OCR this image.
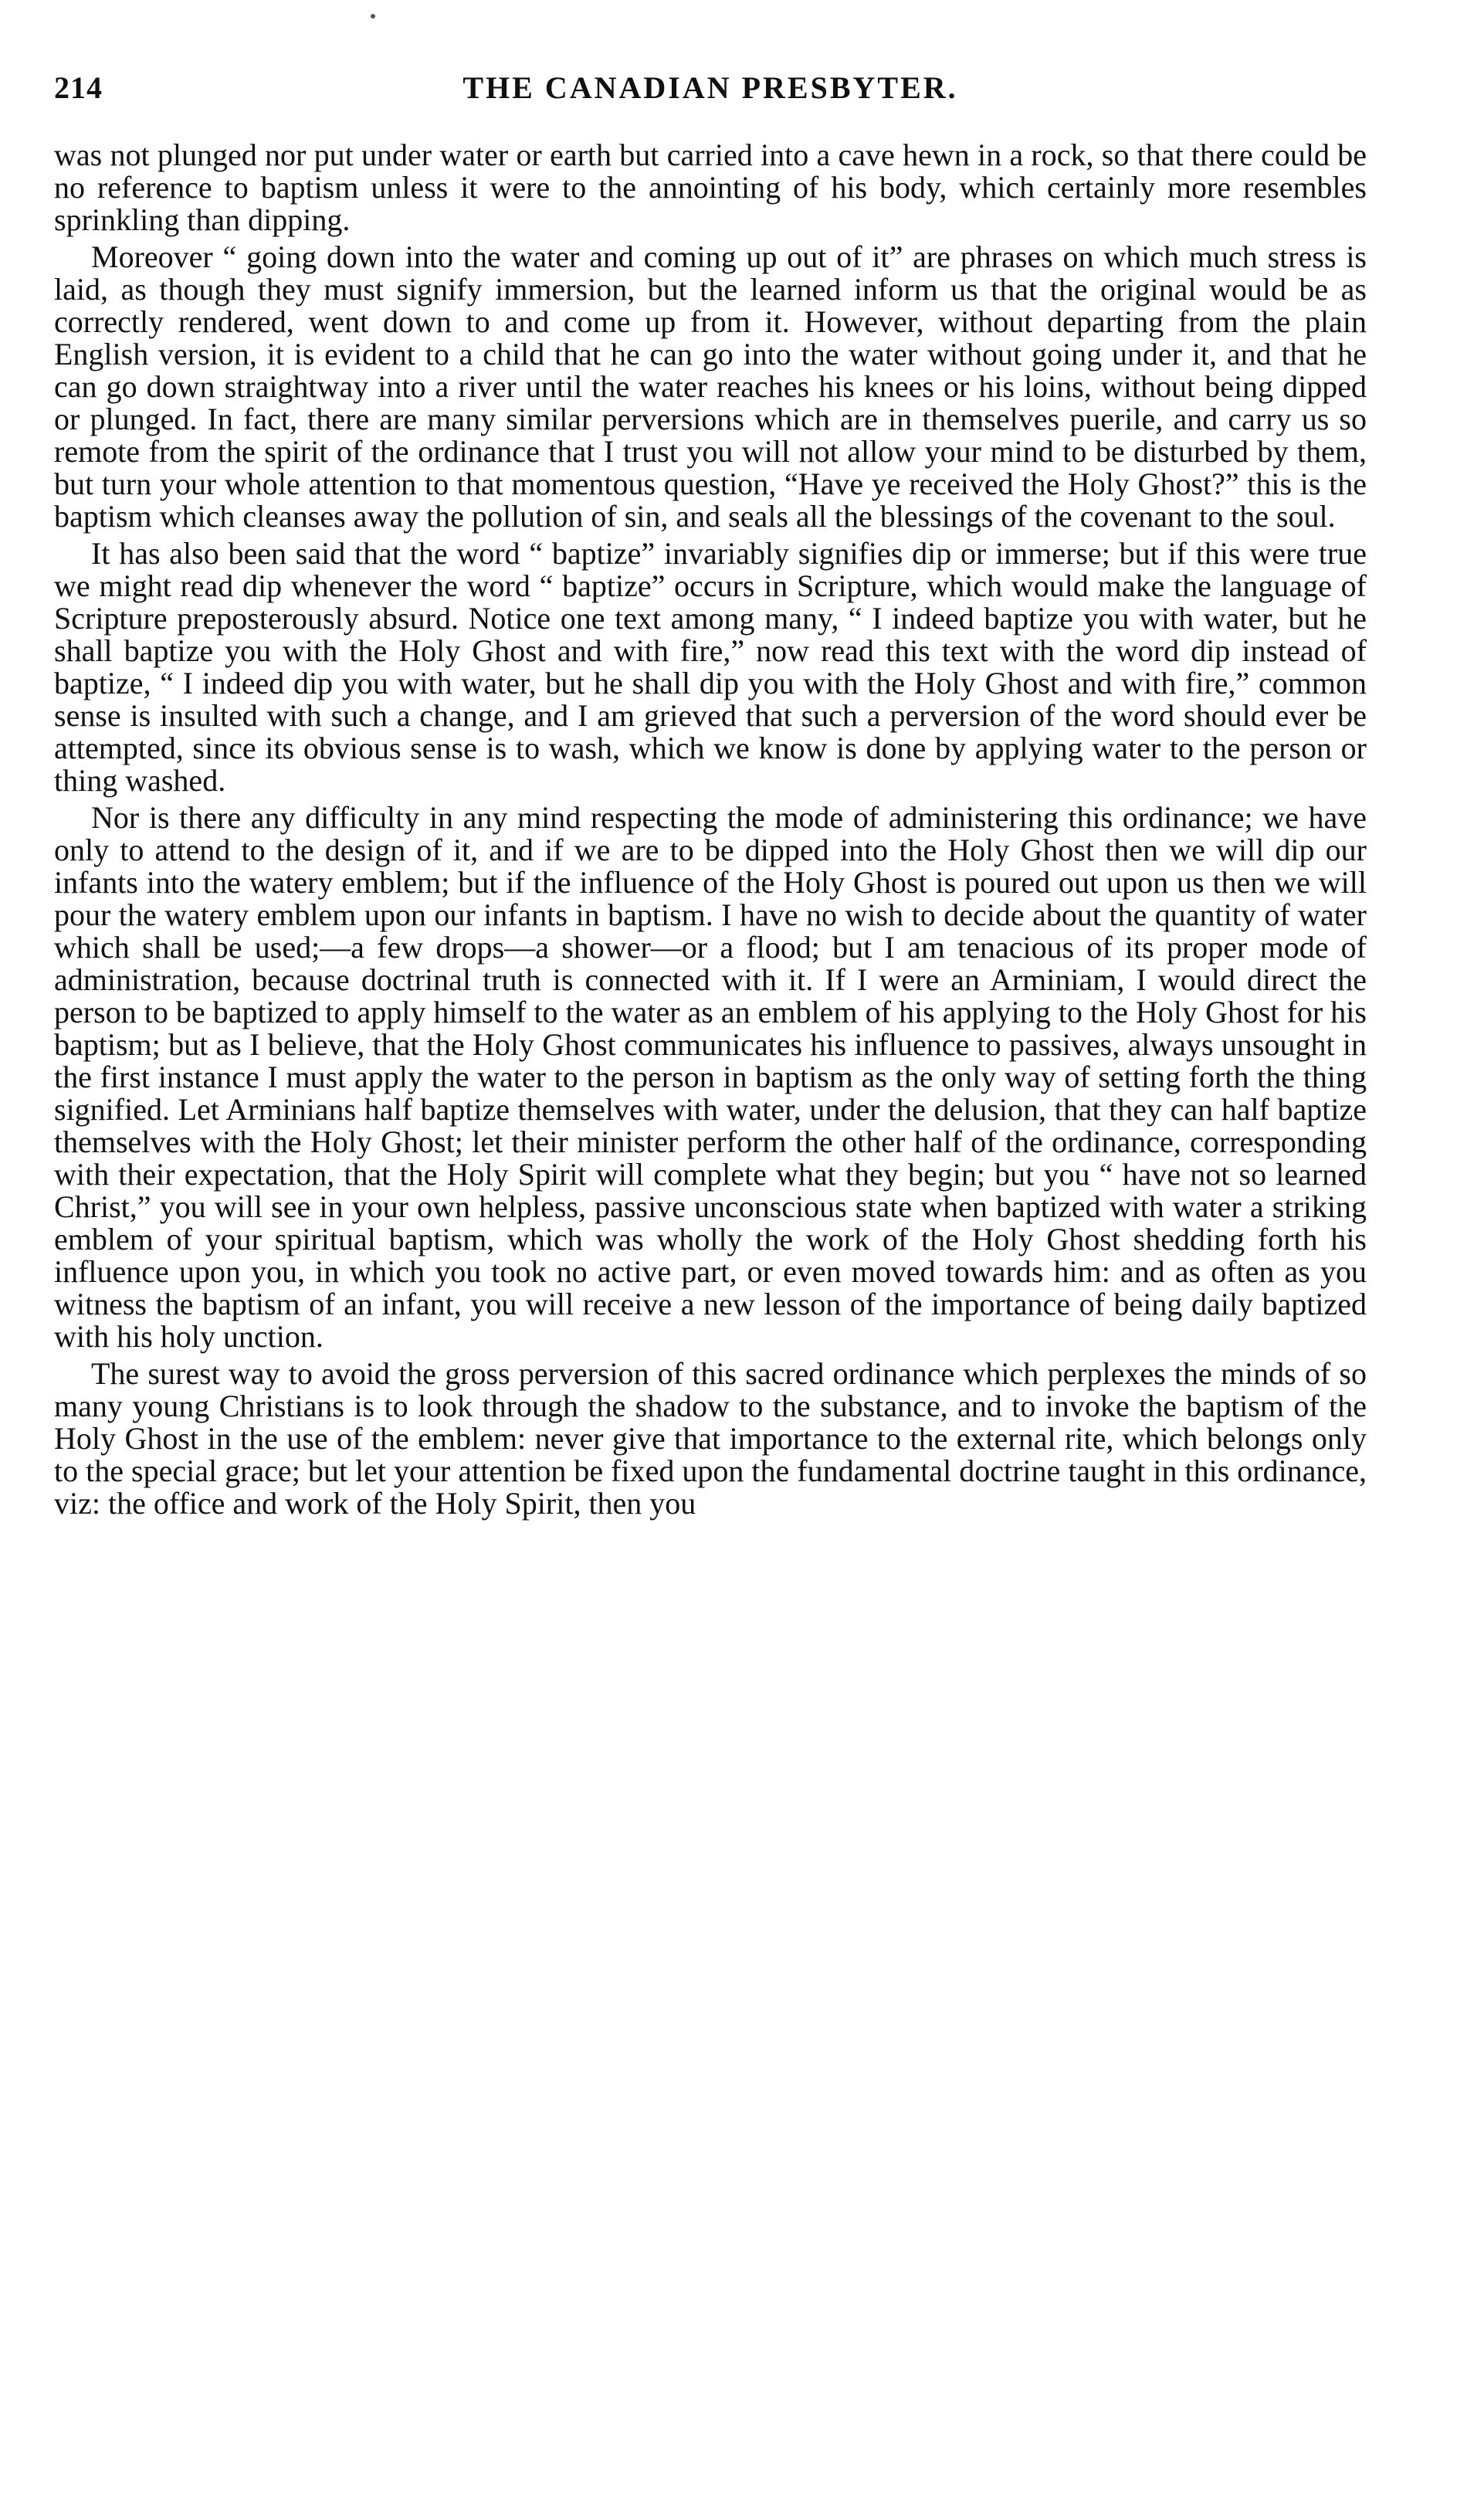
214	THE CANADIAN PRESBYTER.

was not plunged nor put under water or earth but carried into a cave hewn in a rock, so that there could be no reference to baptism unless it were to the annointing of his body, which certainly more resembles sprinkling than dipping.

Moreover “ going down into the water and coming up out of it” are phrases on which much stress is laid, as though they must signify immersion, but the learned inform us that the original would be as correctly rendered, went down to and come up from it. However, without departing from the plain English version, it is evident to a child that he can go into the water without going under it, and that he can go down straightway into a river until the water reaches his knees or his loins, without being dipped or plunged. In fact, there are many similar perversions which are in themselves puerile, and carry us so remote from the spirit of the ordinance that I trust you will not allow your mind to be disturbed by them, but turn your whole attention to that momentous question, “Have ye received the Holy Ghost?” this is the baptism which cleanses away the pollution of sin, and seals all the blessings of the covenant to the soul.

It has also been said that the word “ baptize” invariably signifies dip or immerse; but if this were true we might read dip whenever the word “ baptize” occurs in Scripture, which would make the language of Scripture preposterously absurd. Notice one text among many, “ I indeed baptize you with water, but he shall baptize you with the Holy Ghost and with fire,” now read this text with the word dip instead of baptize, “ I indeed dip you with water, but he shall dip you with the Holy Ghost and with fire,” common sense is insulted with such a change, and I am grieved that such a perversion of the word should ever be attempted, since its obvious sense is to wash, which we know is done by applying water to the person or thing washed.

Nor is there any difficulty in any mind respecting the mode of administering this ordinance; we have only to attend to the design of it, and if we are to be dipped into the Holy Ghost then we will dip our infants into the watery emblem; but if the influence of the Holy Ghost is poured out upon us then we will pour the watery emblem upon our infants in baptism. I have no wish to decide about the quantity of water which shall be used;—a few drops—a shower—or a flood; but I am tenacious of its proper mode of administration, because doctrinal truth is connected with it. If I were an Arminiam, I would direct the person to be baptized to apply himself to the water as an emblem of his applying to the Holy Ghost for his baptism; but as I believe, that the Holy Ghost communicates his influence to passives, always unsought in the first instance I must apply the water to the person in baptism as the only way of setting forth the thing signified. Let Arminians half baptize themselves with water, under the delusion, that they can half baptize themselves with the Holy Ghost; let their minister perform the other half of the ordinance, corresponding with their expectation, that the Holy Spirit will complete what they begin; but you “ have not so learned Christ,” you will see in your own helpless, passive unconscious state when baptized with water a striking emblem of your spiritual baptism, which was wholly the work of the Holy Ghost shedding forth his influence upon you, in which you took no active part, or even moved towards him: and as often as you witness the baptism of an infant, you will receive a new lesson of the importance of being daily baptized with his holy unction.

The surest way to avoid the gross perversion of this sacred ordinance which perplexes the minds of so many young Christians is to look through the shadow to the substance, and to invoke the baptism of the Holy Ghost in the use of the emblem: never give that importance to the external rite, which belongs only to the special grace; but let your attention be fixed upon the fundamental doctrine taught in this ordinance, viz: the office and work of the Holy Spirit, then you
